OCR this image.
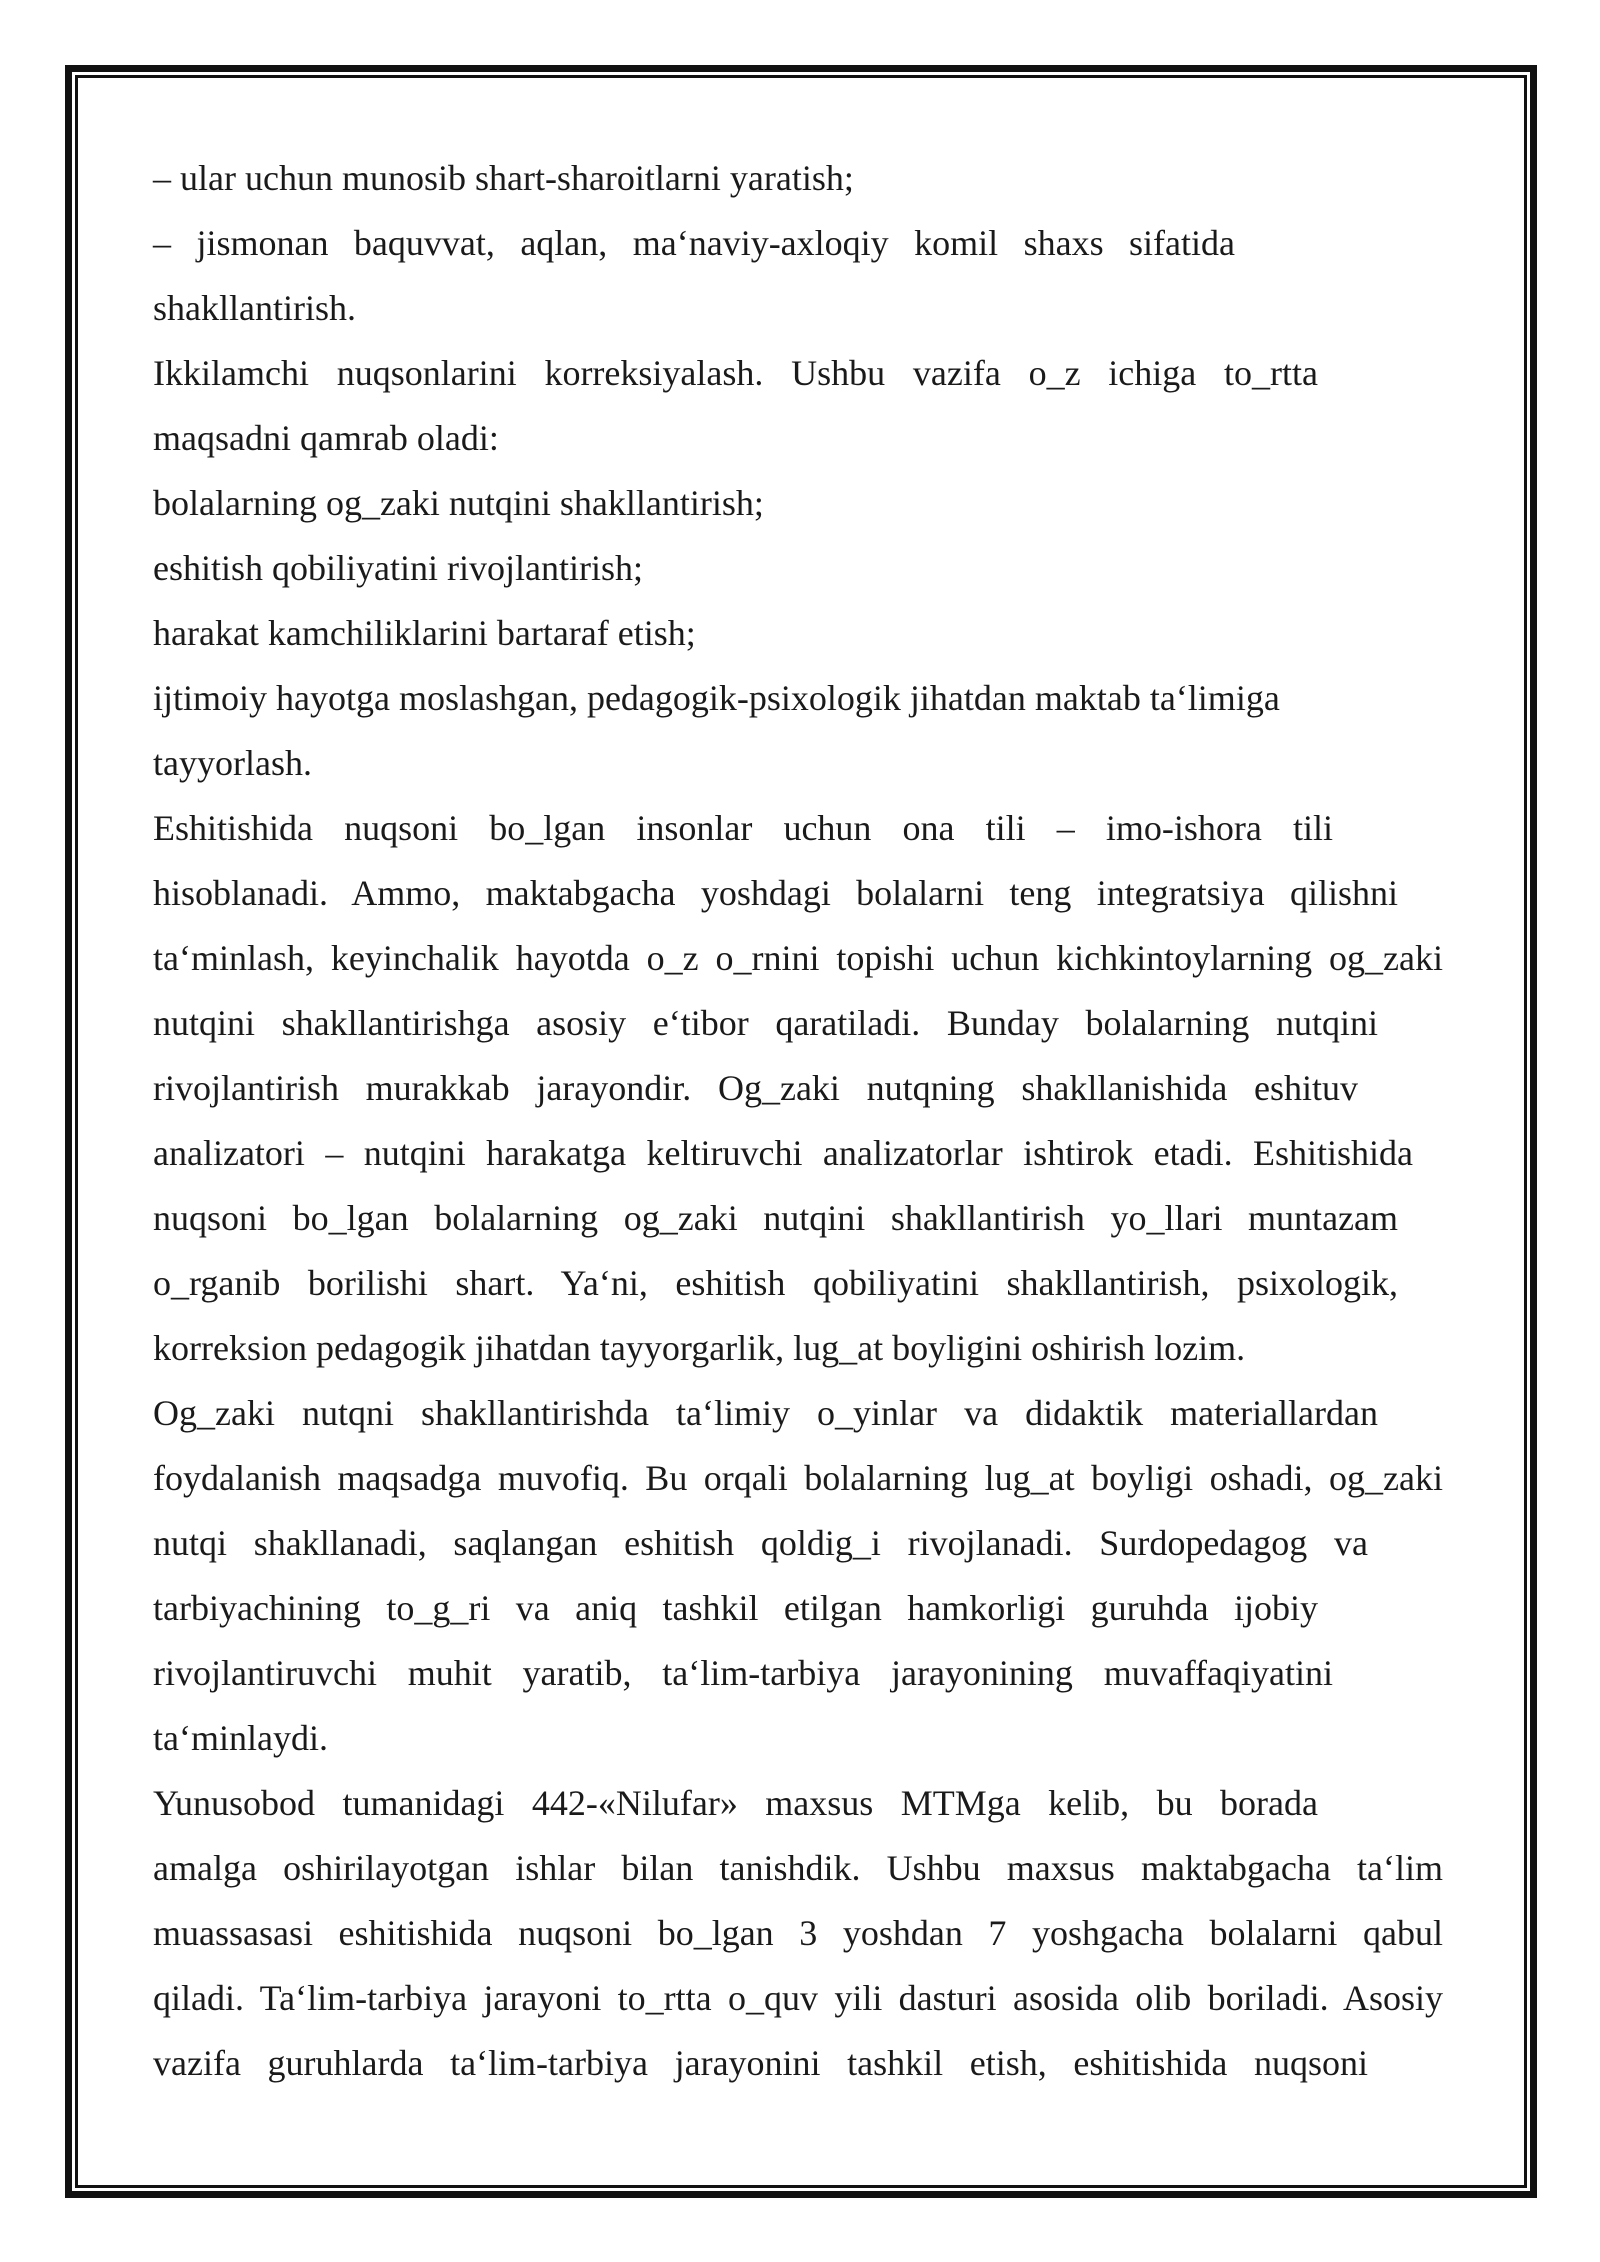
– ular uchun munosib shart-sharoitlarni yaratish;
– jismonan baquvvat, aqlan, ma‘naviy-axloqiy komil shaxs sifatida
shakllantirish.
Ikkilamchi nuqsonlarini korreksiyalash. Ushbu vazifa o_z ichiga to_rtta
maqsadni qamrab oladi:
bolalarning og_zaki nutqini shakllantirish;
eshitish qobiliyatini rivojlantirish;
harakat kamchiliklarini bartaraf etish;
ijtimoiy hayotga moslashgan, pedagogik-psixologik jihatdan maktab ta‘limiga
tayyorlash.
Eshitishida nuqsoni bo_lgan insonlar uchun ona tili – imo-ishora tili
hisoblanadi. Ammo, maktabgacha yoshdagi bolalarni teng integratsiya qilishni
ta‘minlash, keyinchalik hayotda o_z o_rnini topishi uchun kichkintoylarning og_zaki
nutqini shakllantirishga asosiy e‘tibor qaratiladi. Bunday bolalarning nutqini
rivojlantirish murakkab jarayondir. Og_zaki nutqning shakllanishida eshituv
analizatori – nutqini harakatga keltiruvchi analizatorlar ishtirok etadi. Eshitishida
nuqsoni bo_lgan bolalarning og_zaki nutqini shakllantirish yo_llari muntazam
o_rganib borilishi shart. Ya‘ni, eshitish qobiliyatini shakllantirish, psixologik,
korreksion pedagogik jihatdan tayyorgarlik, lug_at boyligini oshirish lozim.
Og_zaki nutqni shakllantirishda ta‘limiy o_yinlar va didaktik materiallardan
foydalanish maqsadga muvofiq. Bu orqali bolalarning lug_at boyligi oshadi, og_zaki
nutqi shakllanadi, saqlangan eshitish qoldig_i rivojlanadi. Surdopedagog va
tarbiyachining to_g_ri va aniq tashkil etilgan hamkorligi guruhda ijobiy
rivojlantiruvchi muhit yaratib, ta‘lim-tarbiya jarayonining muvaffaqiyatini
ta‘minlaydi.
Yunusobod tumanidagi 442-«Nilufar» maxsus MTMga kelib, bu borada
amalga oshirilayotgan ishlar bilan tanishdik. Ushbu maxsus maktabgacha ta‘lim
muassasasi eshitishida nuqsoni bo_lgan 3 yoshdan 7 yoshgacha bolalarni qabul
qiladi. Ta‘lim-tarbiya jarayoni to_rtta o_quv yili dasturi asosida olib boriladi. Asosiy
vazifa guruhlarda ta‘lim-tarbiya jarayonini tashkil etish, eshitishida nuqsoni
